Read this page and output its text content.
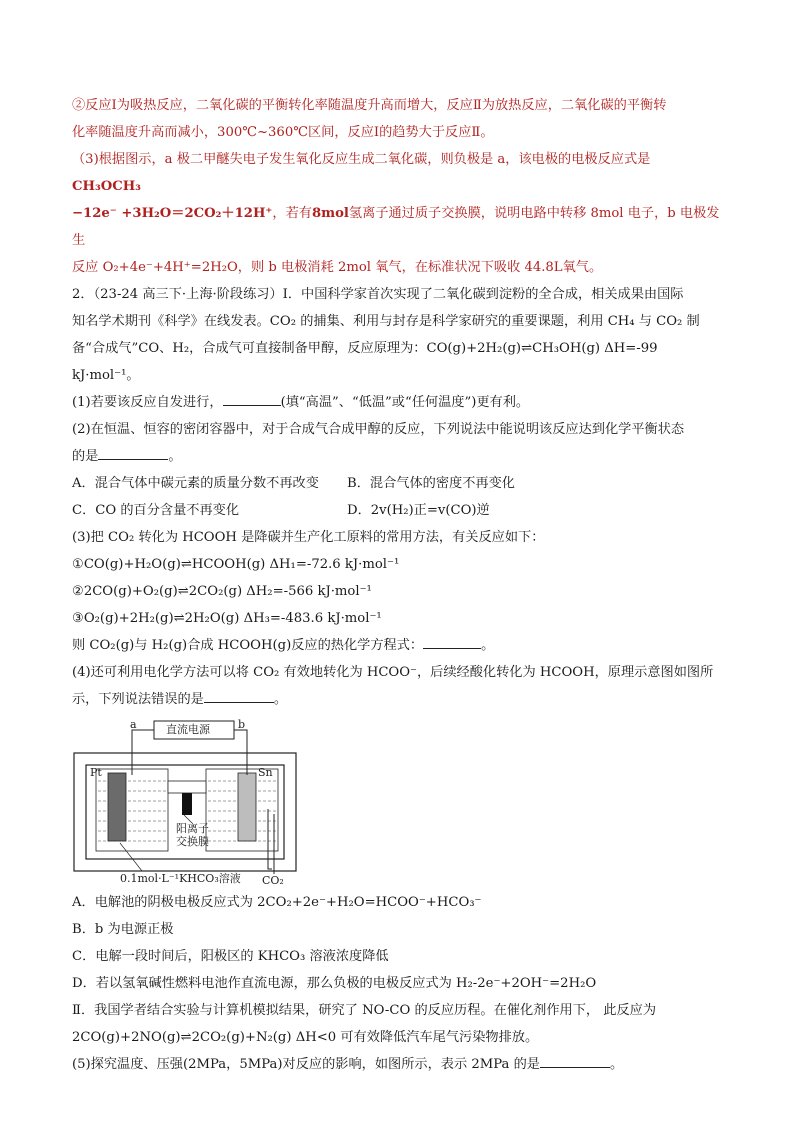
②反应Ⅰ为吸热反应，二氧化碳的平衡转化率随温度升高而增大，反应Ⅱ为放热反应，二氧化碳的平衡转

化率随温度升高而减小，300℃~360℃区间，反应Ⅰ的趋势大于反应Ⅱ。

（3)根据图示，a 极二甲醚失电子发生氧化反应生成二氧化碳，则负极是 a，该电极的电极反应式是 CH₃OCH₃

−12e⁻ +3H₂O＝2CO₂＋12H⁺，若有8mol氢离子通过质子交换膜，说明电路中转移 8mol 电子，b 电极发生

反应 O₂+4e⁻+4H⁺=2H₂O，则 b 电极消耗 2mol 氧气，在标准状况下吸收 44.8L氧气。

2．（23-24 高三下·上海·阶段练习）Ⅰ．中国科学家首次实现了二氧化碳到淀粉的全合成，相关成果由国际

知名学术期刊《科学》在线发表。CO₂ 的捕集、利用与封存是科学家研究的重要课题，利用 CH₄ 与 CO₂ 制

备“合成气”CO、H₂，合成气可直接制备甲醇，反应原理为：CO(g)+2H₂(g)⇌CH₃OH(g) ΔH=-99 kJ·mol⁻¹。

(1)若要该反应自发进行，	(填“高温”、“低温”或“任何温度”)更有利。

(2)在恒温、恒容的密闭容器中，对于合成气合成甲醇的反应，下列说法中能说明该反应达到化学平衡状态

的是	。

A．混合气体中碳元素的质量分数不再改变	B．混合气体的密度不再变化
C．CO 的百分含量不再变化	D．2v(H₂)正=v(CO)逆

(3)把 CO₂ 转化为 HCOOH 是降碳并生产化工原料的常用方法，有关反应如下：

①CO(g)+H₂O(g)⇌HCOOH(g) ΔH₁=-72.6 kJ·mol⁻¹

②2CO(g)+O₂(g)⇌2CO₂(g) ΔH₂=-566 kJ·mol⁻¹

③O₂(g)+2H₂(g)⇌2H₂O(g) ΔH₃=-483.6 kJ·mol⁻¹

则 CO₂(g)与 H₂(g)合成 HCOOH(g)反应的热化学方程式：	。

(4)还可利用电化学方法可以将 CO₂ 有效地转化为 HCOO⁻，后续经酸化转化为 HCOOH，原理示意图如图所

示，下列说法错误的是	。

直流电源
a	b
Pt	Sn
阳离子
交换膜
0.1mol·L⁻¹KHCO₃溶液 CO₂

A．电解池的阴极电极反应式为 2CO₂+2e⁻+H₂O=HCOO⁻+HCO₃⁻

B．b 为电源正极

C．电解一段时间后，阳极区的 KHCO₃ 溶液浓度降低

D．若以氢氧碱性燃料电池作直流电源，那么负极的电极反应式为 H₂-2e⁻+2OH⁻=2H₂O

Ⅱ．我国学者结合实验与计算机模拟结果，研究了 NO-CO 的反应历程。在催化剂作用下， 此反应为

2CO(g)+2NO(g)⇌2CO₂(g)+N₂(g) ΔH<0 可有效降低汽车尾气污染物排放。

(5)探究温度、压强(2MPa，5MPa)对反应的影响，如图所示，表示 2MPa 的是	。
